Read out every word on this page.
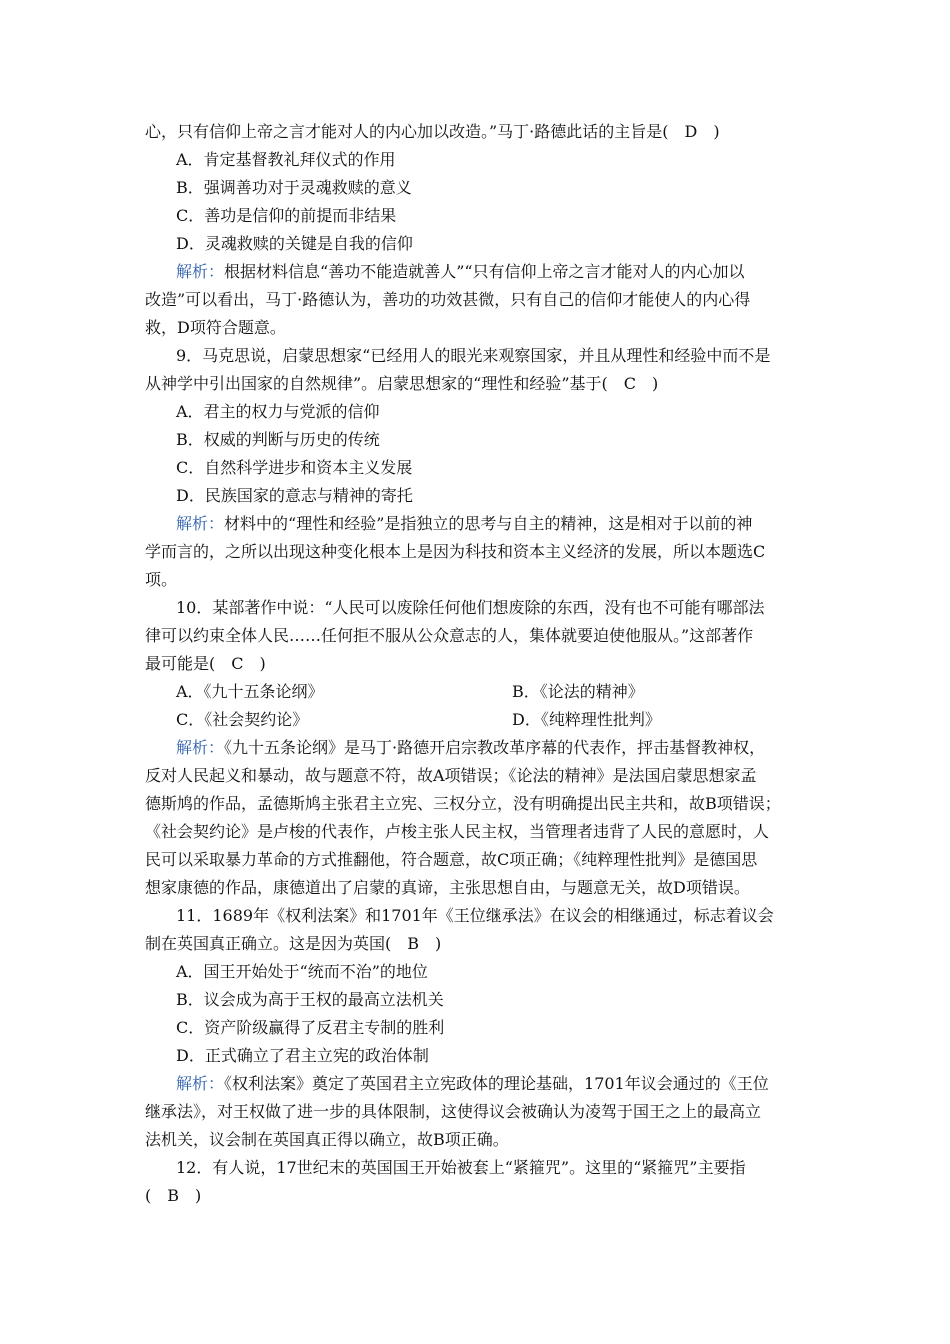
心，只有信仰上帝之言才能对人的内心加以改造。”马丁·路德此话的主旨是(　D　)
A．肯定基督教礼拜仪式的作用
B．强调善功对于灵魂救赎的意义
C．善功是信仰的前提而非结果
D．灵魂救赎的关键是自我的信仰
解析：根据材料信息“善功不能造就善人”“只有信仰上帝之言才能对人的内心加以
改造”可以看出，马丁·路德认为，善功的功效甚微，只有自己的信仰才能使人的内心得
救，D项符合题意。
9．马克思说，启蒙思想家“已经用人的眼光来观察国家，并且从理性和经验中而不是
从神学中引出国家的自然规律”。启蒙思想家的“理性和经验”基于(　C　)
A．君主的权力与党派的信仰
B．权威的判断与历史的传统
C．自然科学进步和资本主义发展
D．民族国家的意志与精神的寄托
解析：材料中的“理性和经验”是指独立的思考与自主的精神，这是相对于以前的神
学而言的，之所以出现这种变化根本上是因为科技和资本主义经济的发展，所以本题选C
项。
10．某部著作中说：“人民可以废除任何他们想废除的东西，没有也不可能有哪部法
律可以约束全体人民……任何拒不服从公众意志的人，集体就要迫使他服从。”这部著作
最可能是(　C　)
A．《九十五条论纲》	B．《论法的精神》
C．《社会契约论》	D．《纯粹理性批判》
解析：《九十五条论纲》是马丁·路德开启宗教改革序幕的代表作，抨击基督教神权，
反对人民起义和暴动，故与题意不符，故A项错误；《论法的精神》是法国启蒙思想家孟
德斯鸠的作品，孟德斯鸠主张君主立宪、三权分立，没有明确提出民主共和，故B项错误；
《社会契约论》是卢梭的代表作，卢梭主张人民主权，当管理者违背了人民的意愿时，人
民可以采取暴力革命的方式推翻他，符合题意，故C项正确；《纯粹理性批判》是德国思
想家康德的作品，康德道出了启蒙的真谛，主张思想自由，与题意无关，故D项错误。
11．1689年《权利法案》和1701年《王位继承法》在议会的相继通过，标志着议会
制在英国真正确立。这是因为英国(　B　)
A．国王开始处于“统而不治”的地位
B．议会成为高于王权的最高立法机关
C．资产阶级赢得了反君主专制的胜利
D．正式确立了君主立宪的政治体制
解析：《权利法案》奠定了英国君主立宪政体的理论基础，1701年议会通过的《王位
继承法》，对王权做了进一步的具体限制，这使得议会被确认为凌驾于国王之上的最高立
法机关，议会制在英国真正得以确立，故B项正确。
12．有人说，17世纪末的英国国王开始被套上“紧箍咒”。这里的“紧箍咒”主要指
(　B　)
